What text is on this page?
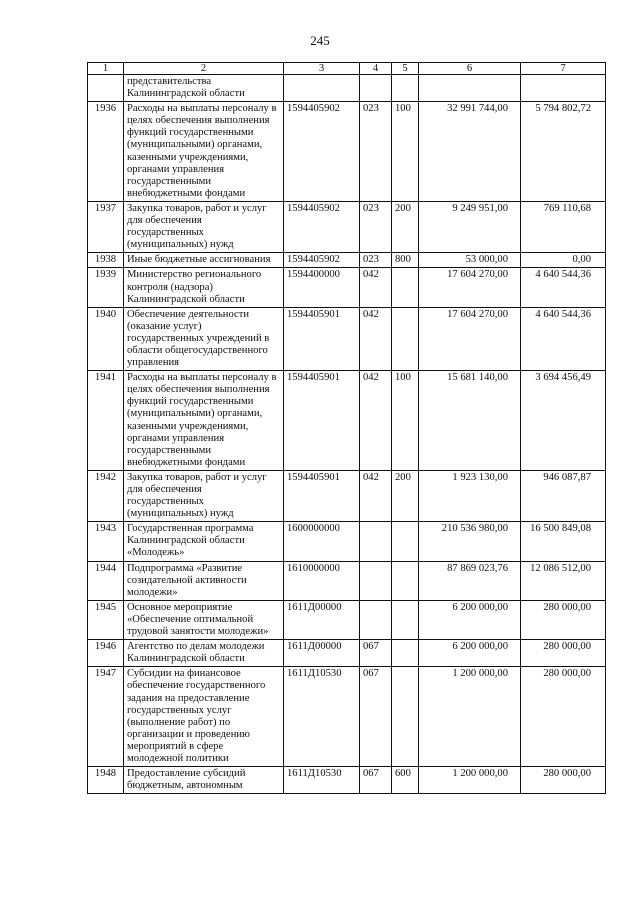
245
1	2	3	4	5	6	7
	представительства Калининградской области					
1936	Расходы на выплаты персоналу в целях обеспечения выполнения функций государственными (муниципальными) органами, казенными учреждениями, органами управления государственными внебюджетными фондами	1594405902	023	100	32 991 744,00	5 794 802,72
1937	Закупка товаров, работ и услуг для обеспечения государственных (муниципальных) нужд	1594405902	023	200	9 249 951,00	769 110,68
1938	Иные бюджетные ассигнования	1594405902	023	800	53 000,00	0,00
1939	Министерство регионального контроля (надзора) Калининградской области	1594400000	042		17 604 270,00	4 640 544,36
1940	Обеспечение деятельности (оказание услуг) государственных учреждений в области общегосударственного управления	1594405901	042		17 604 270,00	4 640 544,36
1941	Расходы на выплаты персоналу в целях обеспечения выполнения функций государственными (муниципальными) органами, казенными учреждениями, органами управления государственными внебюджетными фондами	1594405901	042	100	15 681 140,00	3 694 456,49
1942	Закупка товаров, работ и услуг для обеспечения государственных (муниципальных) нужд	1594405901	042	200	1 923 130,00	946 087,87
1943	Государственная программа Калининградской области «Молодежь»	1600000000			210 536 980,00	16 500 849,08
1944	Подпрограмма «Развитие созидательной активности молодежи»	1610000000			87 869 023,76	12 086 512,00
1945	Основное мероприятие «Обеспечение оптимальной трудовой занятости молодежи»	1611Д00000			6 200 000,00	280 000,00
1946	Агентство по делам молодежи Калининградской области	1611Д00000	067		6 200 000,00	280 000,00
1947	Субсидии на финансовое обеспечение государственного задания на предоставление государственных услуг (выполнение работ) по организации и проведению мероприятий в сфере молодежной политики	1611Д10530	067		1 200 000,00	280 000,00
1948	Предоставление субсидий бюджетным, автономным	1611Д10530	067	600	1 200 000,00	280 000,00
